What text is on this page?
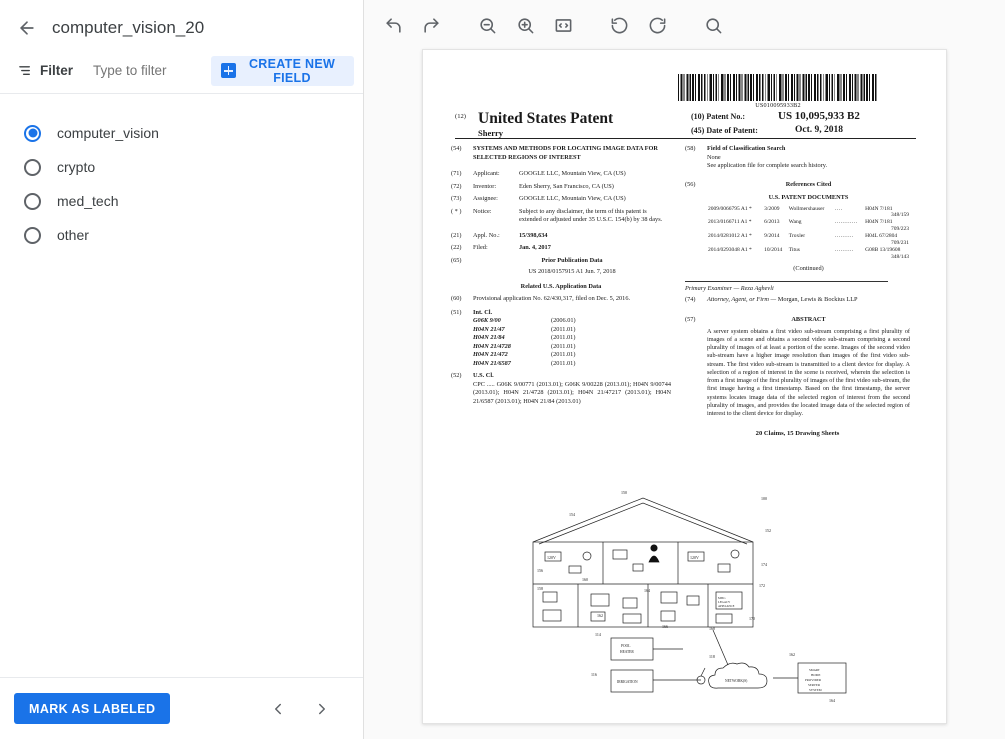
computer_vision_20
Filter
Type to filter	CREATE NEW FIELD
computer_vision
crypto
med_tech
other
MARK AS LABELED
US010095933B2
(12) United States Patent
Sherry
(10) Patent No.:	US 10,095,933 B2
(45) Date of Patent:	Oct. 9, 2018
(54)	SYSTEMS AND METHODS FOR LOCATING IMAGE DATA FOR SELECTED REGIONS OF INTEREST
(71)	Applicant:	GOOGLE LLC, Mountain View, CA (US)
(72)	Inventor:	Eden Sherry, San Francisco, CA (US)
(73)	Assignee:	GOOGLE LLC, Mountain View, CA (US)
( * )	Notice:	Subject to any disclaimer, the term of this patent is extended or adjusted under 35 U.S.C. 154(b) by 38 days.
(21)	Appl. No.:	15/398,634
(22)	Filed:	Jan. 4, 2017
(65)	Prior Publication Data
US 2018/0157915 A1 Jun. 7, 2018
Related U.S. Application Data
(60)	Provisional application No. 62/430,317, filed on Dec. 5, 2016.
(51)	Int. Cl.
G06K 9/00	(2006.01)
H04N 21/47	(2011.01)
H04N 21/84	(2011.01)
H04N 21/4728	(2011.01)
H04N 21/472	(2011.01)
H04N 21/6587	(2011.01)
(52)	U.S. Cl.
CPC ..... G06K 9/00771 (2013.01); G06K 9/00228 (2013.01); H04N 9/00744 (2013.01); H04N 21/4728 (2013.01); H04N 21/47217 (2013.01); H04N 21/6587 (2013.01); H04N 21/84 (2013.01)
(58)	Field of Classification Search
None
See application file for complete search history.
(56)	References Cited
U.S. PATENT DOCUMENTS
2009/0066795 A1 *	3/2009	Wollmershauser	....	H04N 7/181
348/159				
2013/0166711 A1 *	6/2013	Wang	............	H04N 7/181
709/223				
2014/0281012 A1 *	9/2014	Troxler	..........	H04L 67/2804
709/231				
2014/0293048 A1 *	10/2014	Titus	..........	G08B 13/19608
348/143				
(Continued)
Primary Examiner — Reza Aghevli
(74)	Attorney, Agent, or Firm — Morgan, Lewis & Bockius LLP
(57)	ABSTRACT
A server system obtains a first video sub-stream comprising a first plurality of images of a scene and obtains a second video sub-stream comprising a second plurality of images of at least a portion of the scene. Images of the second video sub-stream have a higher image resolution than images of the first video sub-stream. The first video sub-stream is transmitted to a client device for display. A selection of a region of interest in the scene is received, wherein the selection is from a first image of the first plurality of images of the first video sub-stream, the first image having a first timestamp. Based on the first timestamp, the server systems locates image data of the selected region of interest from the second plurality of images, and provides the located image data of the selected region of interest to the client device for display.
20 Claims, 15 Drawing Sheets
120V	120V
MISC.
LEGACY
APPLIANCE
POOL
HEATER
IRRIGATION	NETWORK(S)
SMART
HOME
PROVIDER
SERVER
SYSTEM
150
100
152
154
156
158
160
162
164
166	168
170
172
174
114
116
118	162
164
